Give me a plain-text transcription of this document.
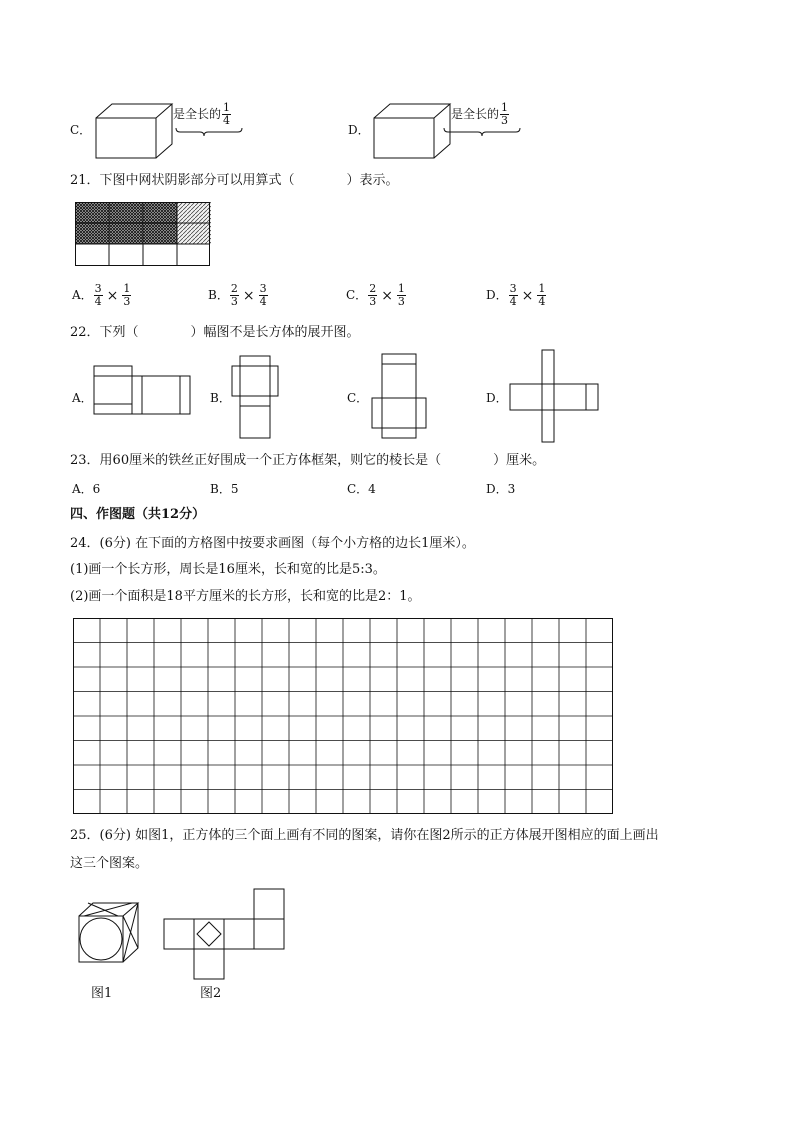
C．
是全长的 $\frac{1}{4}$
D．
是全长的 $\frac{1}{3}$
21．下图中网状阴影部分可以用算式（　　　　）表示。
A． $\frac{3}{4} \times \frac{1}{3}$	B． $\frac{2}{3} \times \frac{3}{4}$	C． $\frac{2}{3} \times \frac{1}{3}$	D． $\frac{3}{4} \times \frac{1}{4}$
22．下列（　　　　）幅图不是长方体的展开图。
A．	B．	C．	D．
23．用60厘米的铁丝正好围成一个正方体框架，则它的棱长是（　　　　）厘米。
A．6	B．5	C．4	D．3
四、作图题（共12分）
24．(6分) 在下面的方格图中按要求画图（每个小方格的边长1厘米）。
(1)画一个长方形，周长是16厘米，长和宽的比是5:3。
(2)画一个面积是18平方厘米的长方形，长和宽的比是2：1。
25．(6分) 如图1，正方体的三个面上画有不同的图案，请你在图2所示的正方体展开图相应的面上画出
这三个图案。
图1	图2
